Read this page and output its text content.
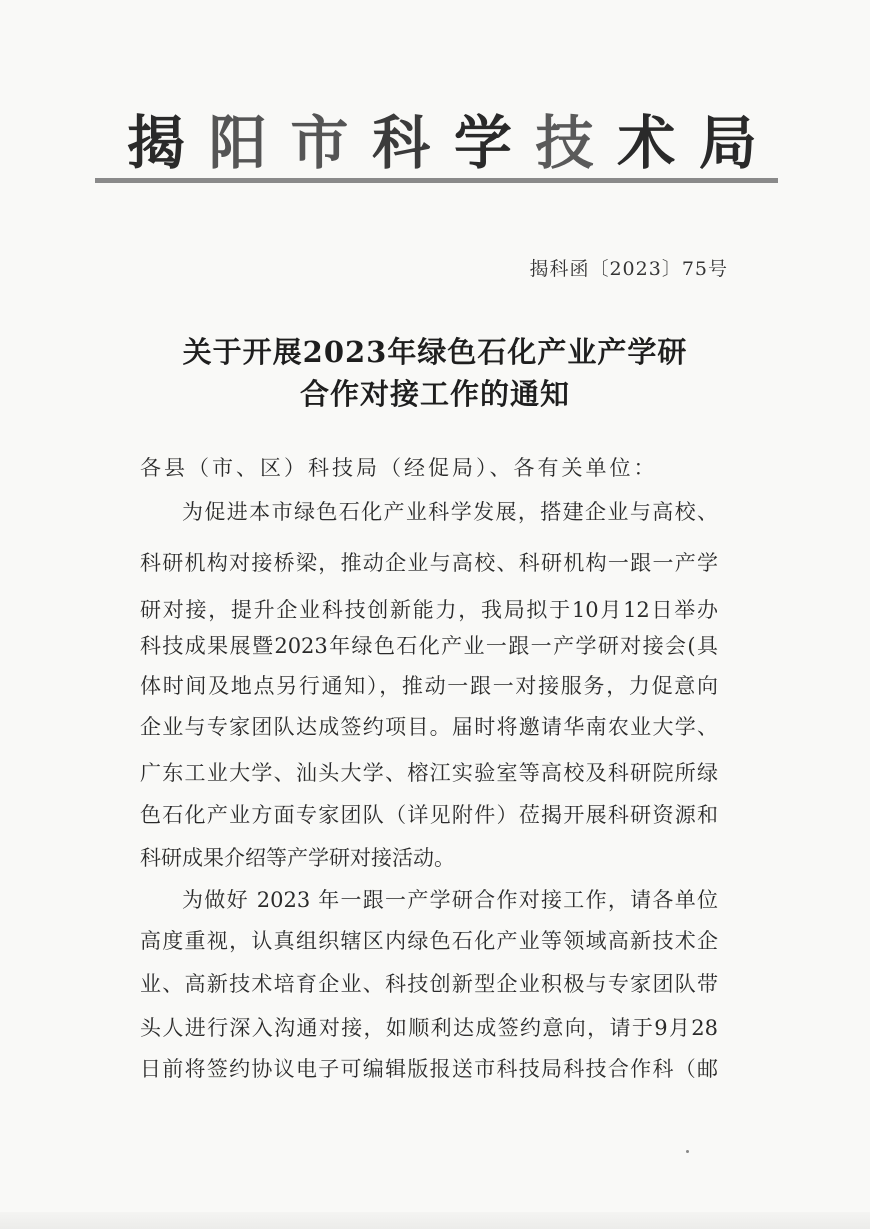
揭 阳 市 科 学 技 术 局
揭科函〔2023〕75号
关于开展2023年绿色石化产业产学研
合作对接工作的通知
各县（市、区）科技局（经促局）、各有关单位：
为促进本市绿色石化产业科学发展，搭建企业与高校、
科研机构对接桥梁，推动企业与高校、科研机构一跟一产学
研对接，提升企业科技创新能力，我局拟于10月12日举办
科技成果展暨2023年绿色石化产业一跟一产学研对接会(具
体时间及地点另行通知），推动一跟一对接服务，力促意向
企业与专家团队达成签约项目。届时将邀请华南农业大学、
广东工业大学、汕头大学、榕江实验室等高校及科研院所绿
色石化产业方面专家团队（详见附件）莅揭开展科研资源和
科研成果介绍等产学研对接活动。
为做好 2023 年一跟一产学研合作对接工作，请各单位
高度重视，认真组织辖区内绿色石化产业等领域高新技术企
业、高新技术培育企业、科技创新型企业积极与专家团队带
头人进行深入沟通对接，如顺利达成签约意向，请于9月28
日前将签约协议电子可编辑版报送市科技局科技合作科（邮
